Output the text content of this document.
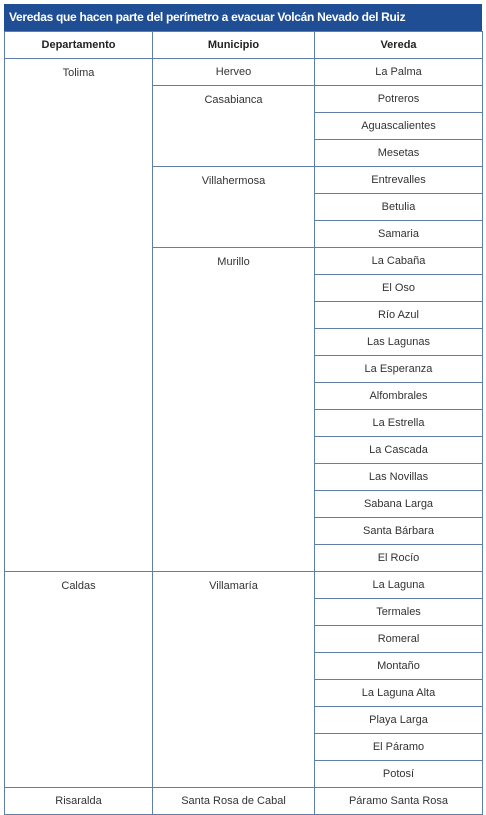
Veredas que hacen parte del perímetro a evacuar Volcán Nevado del Ruiz
Departamento	Municipio	Vereda
Tolima	Herveo	La Palma
	Casabianca	Potreros
		Aguascalientes
		Mesetas
	Villahermosa	Entrevalles
		Betulia
		Samaria
	Murillo	La Cabaña
		El Oso
		Río Azul
		Las Lagunas
		La Esperanza
		Alfombrales
		La Estrella
		La Cascada
		Las Novillas
		Sabana Larga
		Santa Bárbara
		El Rocío
Caldas	Villamaría	La Laguna
		Termales
		Romeral
		Montaño
		La Laguna Alta
		Playa Larga
		El Páramo
		Potosí
Risaralda	Santa Rosa de Cabal	Páramo Santa Rosa
